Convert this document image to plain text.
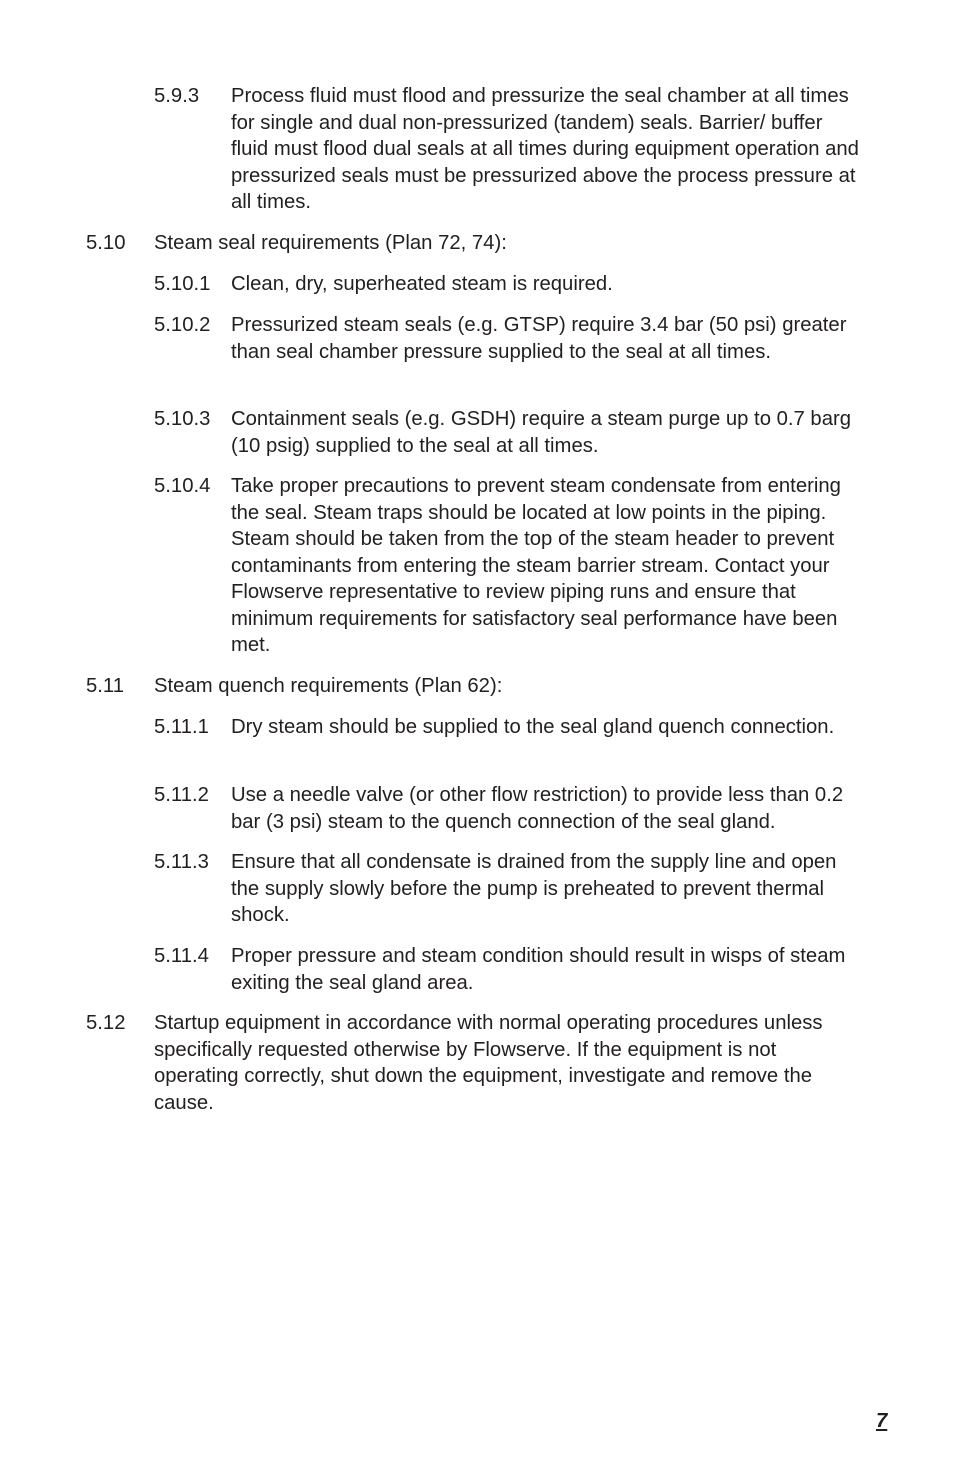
5.9.3	Process fluid must flood and pressurize the seal chamber at all times for single and dual non-pressurized (tandem) seals. Barrier/ buffer fluid must flood dual seals at all times during equipment operation and pressurized seals must be pressurized above the process pressure at all times.
5.10	Steam seal requirements (Plan 72, 74):
5.10.1	Clean, dry, superheated steam is required.
5.10.2	Pressurized steam seals (e.g. GTSP) require 3.4 bar (50 psi) greater than seal chamber pressure supplied to the seal at all times.
5.10.3	Containment seals (e.g. GSDH) require a steam purge up to 0.7 barg (10 psig) supplied to the seal at all times.
5.10.4	Take proper precautions to prevent steam condensate from entering the seal. Steam traps should be located at low points in the piping. Steam should be taken from the top of the steam header to prevent contaminants from entering the steam barrier stream. Contact your Flowserve representative to review piping runs and ensure that minimum requirements for satisfactory seal performance have been met.
5.11	Steam quench requirements (Plan 62):
5.11.1	Dry steam should be supplied to the seal gland quench connection.
5.11.2	Use a needle valve (or other flow restriction) to provide less than 0.2 bar (3 psi) steam to the quench connection of the seal gland.
5.11.3	Ensure that all condensate is drained from the supply line and open the supply slowly before the pump is preheated to prevent thermal shock.
5.11.4	Proper pressure and steam condition should result in wisps of steam exiting the seal gland area.
5.12	Startup equipment in accordance with normal operating procedures unless specifically requested otherwise by Flowserve. If the equipment is not operating correctly, shut down the equipment, investigate and remove the cause.
7
